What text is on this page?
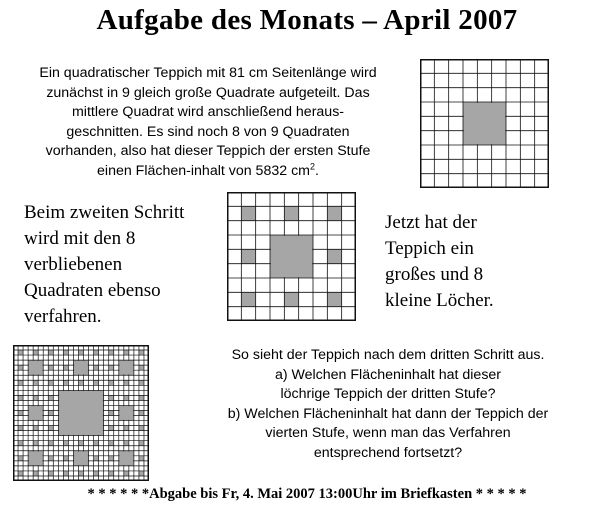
Aufgabe des Monats – April 2007
Ein quadratischer Teppich mit 81 cm Seitenlänge wird
zunächst in 9 gleich große Quadrate aufgeteilt. Das
mittlere Quadrat wird anschließend heraus-
geschnitten. Es sind noch 8 von 9 Quadraten
vorhanden, also hat dieser Teppich der ersten Stufe
einen Flächen-inhalt von 5832 $cm^2$.
Beim zweiten Schritt
wird mit den 8
verbliebenen
Quadraten ebenso
verfahren.
Jetzt hat der
Teppich ein
großes und 8
kleine Löcher.
So sieht der Teppich nach dem dritten Schritt aus.
a) Welchen Flächeninhalt hat dieser
löchrige Teppich der dritten Stufe?
b) Welchen Flächeninhalt hat dann der Teppich der
vierten Stufe, wenn man das Verfahren
entsprechend fortsetzt?
* * * * * *Abgabe bis Fr, 4. Mai 2007 13:00Uhr im Briefkasten * * * * *
